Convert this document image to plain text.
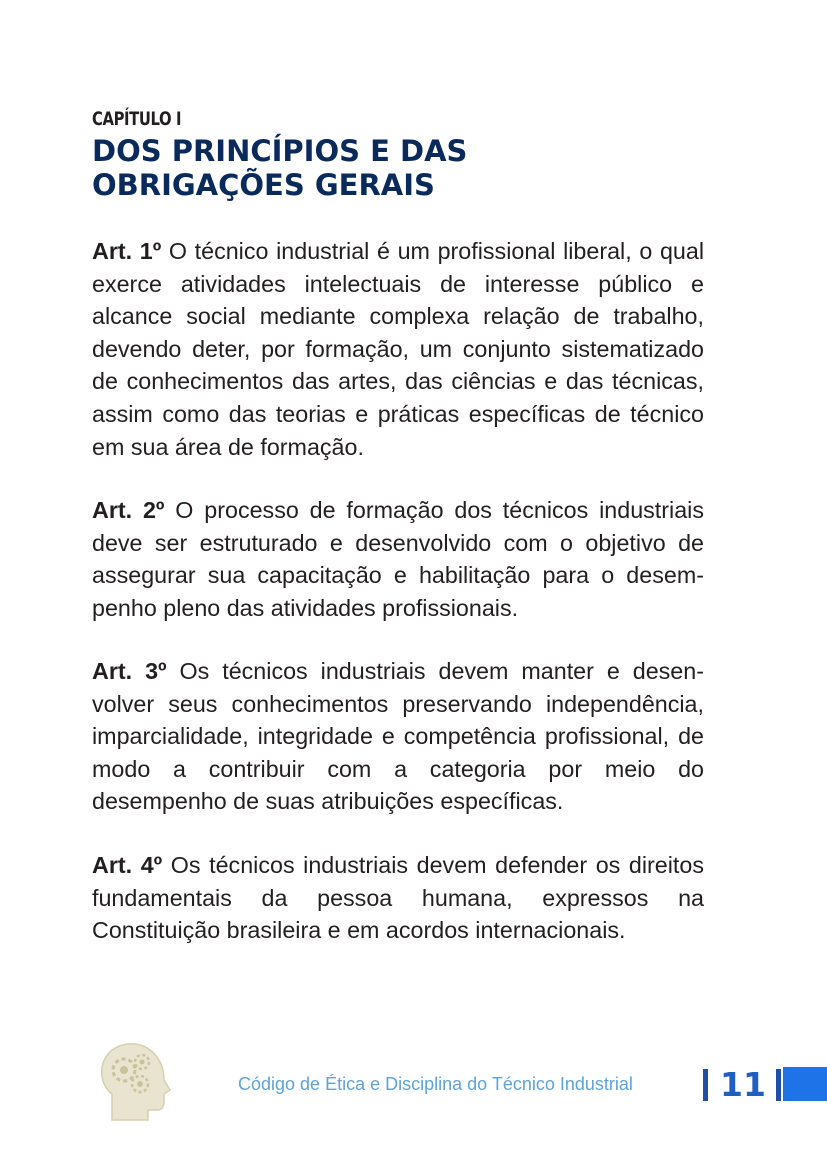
CAPÍTULO I
DOS PRINCÍPIOS E DAS
OBRIGAÇÕES GERAIS

Art. 1º O técnico industrial é um profissional liberal, o qual exerce atividades intelectuais de interesse público e alcance social mediante complexa relação de trabalho, devendo deter, por formação, um conjunto sistematizado de conhecimentos das artes, das ciências e das técnicas, assim como das teorias e práticas específicas de técnico em sua área de formação.

Art. 2º O processo de formação dos técnicos industriais deve ser estruturado e desenvolvido com o objetivo de assegurar sua capacitação e habilitação para o desempenho pleno das atividades profissionais.

Art. 3º Os técnicos industriais devem manter e desenvolver seus conhecimentos preservando independência, imparcialidade, integridade e competência profissional, de modo a contribuir com a categoria por meio do desempenho de suas atribuições específicas.

Art. 4º Os técnicos industriais devem defender os direitos fundamentais da pessoa humana, expressos na Constituição brasileira e em acordos internacionais.

Código de Ética e Disciplina do Técnico Industrial	11
